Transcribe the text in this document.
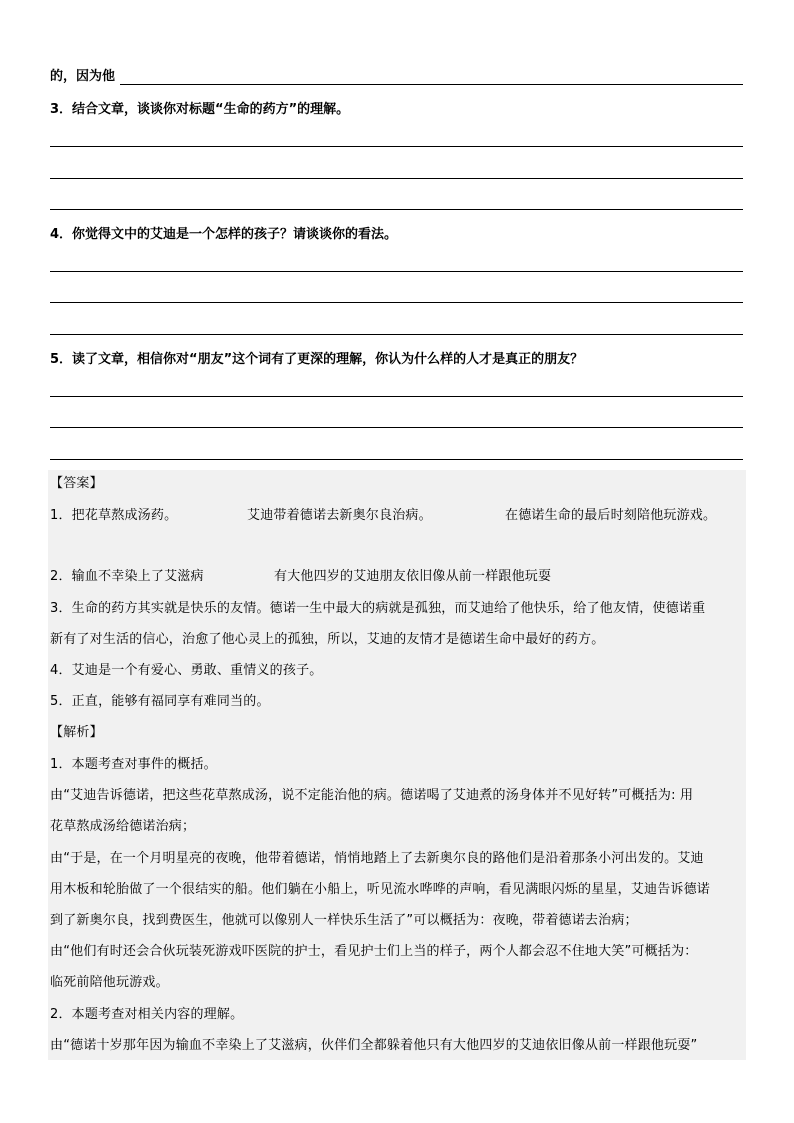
的，因为他
3．结合文章，谈谈你对标题“生命的药方”的理解。
4．你觉得文中的艾迪是一个怎样的孩子？请谈谈你的看法。
5．读了文章，相信你对“朋友”这个词有了更深的理解，你认为什么样的人才是真正的朋友？
【答案】
1．把花草熬成汤药。	艾迪带着德诺去新奥尔良治病。	在德诺生命的最后时刻陪他玩游戏。
2．输血不幸染上了艾滋病	有大他四岁的艾迪朋友依旧像从前一样跟他玩耍
3．生命的药方其实就是快乐的友情。德诺一生中最大的病就是孤独，而艾迪给了他快乐，给了他友情，使德诺重
新有了对生活的信心，治愈了他心灵上的孤独，所以，艾迪的友情才是德诺生命中最好的药方。
4．艾迪是一个有爱心、勇敢、重情义的孩子。
5．正直，能够有福同享有难同当的。
【解析】
1．本题考查对事件的概括。
由“艾迪告诉德诺，把这些花草熬成汤，说不定能治他的病。德诺喝了艾迪煮的汤身体并不见好转”可概括为: 用
花草熬成汤给德诺治病；
由“于是，在一个月明星亮的夜晚，他带着德诺，悄悄地踏上了去新奥尔良的路他们是沿着那条小河出发的。艾迪
用木板和轮胎做了一个很结实的船。他们躺在小船上，听见流水哗哗的声响，看见满眼闪烁的星星，艾迪告诉德诺
到了新奥尔良，找到费医生，他就可以像别人一样快乐生活了”可以概括为：夜晚，带着德诺去治病；
由“他们有时还会合伙玩装死游戏吓医院的护士，看见护士们上当的样子，两个人都会忍不住地大笑”可概括为：
临死前陪他玩游戏。
2．本题考查对相关内容的理解。
由“德诺十岁那年因为输血不幸染上了艾滋病，伙伴们全都躲着他只有大他四岁的艾迪依旧像从前一样跟他玩耍”
